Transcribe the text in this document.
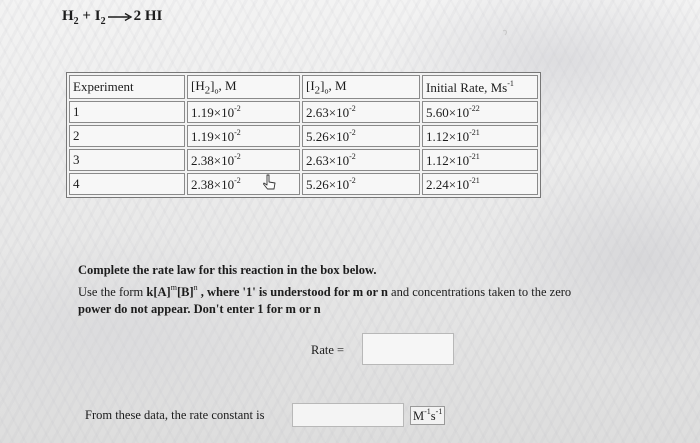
$H_2 + I_2\to 2$ HI
Experiment	$[H_2]_o$, M	$[I_2]_o$, M	Initial Rate, $Ms^{-1}$
1	$1.19\times 10^{-2}$	$2.63\times 10^{-2}$	$5.60\times 10^{-22}$
2	$1.19\times 10^{-2}$	$5.26\times 10^{-2}$	$1.12\times 10^{-21}$
3	$2.38\times 10^{-2}$	$2.63\times 10^{-2}$	$1.12\times 10^{-21}$
4	$2.38\times 10^{-2}$	$5.26\times 10^{-2}$	$2.24\times 10^{-21}$
Complete the rate law for this reaction in the box below.
Use the form $k[A]^m[B]^n$ , where '1' is understood for m or n and concentrations taken to the zero
power do not appear. Don't enter 1 for m or n
Rate =
From these data, the rate constant is	$M^{-1}s^{-1}$
